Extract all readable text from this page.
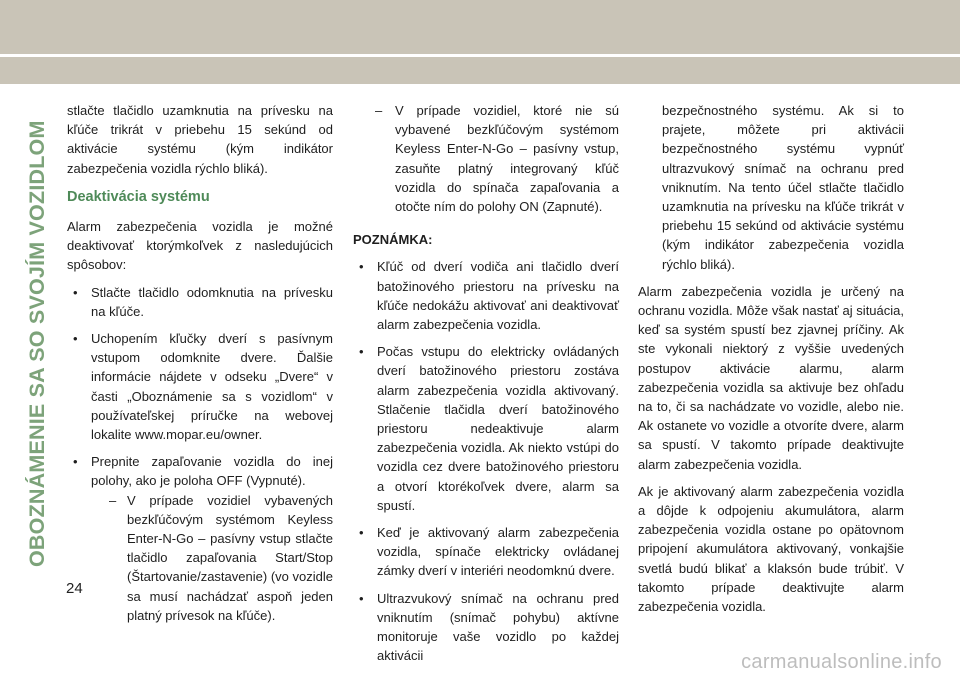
OBOZNÁMENIE SA SO SVOJÍM VOZIDLOM
24

stlačte tlačidlo uzamknutia na prívesku na kľúče trikrát v priebehu 15 sekúnd od aktivácie systému (kým indikátor zabezpečenia vozidla rýchlo bliká).

Deaktivácia systému

Alarm zabezpečenia vozidla je možné deaktivovať ktorýmkoľvek z nasledujúcich spôsobov:

• Stlačte tlačidlo odomknutia na prívesku na kľúče.
• Uchopením kľučky dverí s pasívnym vstupom odomknite dvere. Ďalšie informácie nájdete v odseku „Dvere“ v časti „Oboznámenie sa s vozidlom“ v používateľskej príručke na webovej lokalite www.mopar.eu/owner.
• Prepnite zapaľovanie vozidla do inej polohy, ako je poloha OFF (Vypnuté).
– V prípade vozidiel vybavených bezkľúčovým systémom Keyless Enter-N-Go – pasívny vstup stlačte tlačidlo zapaľovania Start/Stop (Štartovanie/zastavenie) (vo vozidle sa musí nachádzať aspoň jeden platný prívesok na kľúče).
– V prípade vozidiel, ktoré nie sú vybavené bezkľúčovým systémom Keyless Enter-N-Go – pasívny vstup, zasuňte platný integrovaný kľúč vozidla do spínača zapaľovania a otočte ním do polohy ON (Zapnuté).
POZNÁMKA:
• Kľúč od dverí vodiča ani tlačidlo dverí batožinového priestoru na prívesku na kľúče nedokážu aktivovať ani deaktivovať alarm zabezpečenia vozidla.
• Počas vstupu do elektricky ovládaných dverí batožinového priestoru zostáva alarm zabezpečenia vozidla aktivovaný. Stlačenie tlačidla dverí batožinového priestoru nedeaktivuje alarm zabezpečenia vozidla. Ak niekto vstúpi do vozidla cez dvere batožinového priestoru a otvorí ktorékoľvek dvere, alarm sa spustí.
• Keď je aktivovaný alarm zabezpečenia vozidla, spínače elektricky ovládanej zámky dverí v interiéri neodomknú dvere.
• Ultrazvukový snímač na ochranu pred vniknutím (snímač pohybu) aktívne monitoruje vaše vozidlo po každej aktivácii
bezpečnostného systému. Ak si to prajete, môžete pri aktivácii bezpečnostného systému vypnúť ultrazvukový snímač na ochranu pred vniknutím. Na tento účel stlačte tlačidlo uzamknutia na prívesku na kľúče trikrát v priebehu 15 sekúnd od aktivácie systému (kým indikátor zabezpečenia vozidla rýchlo bliká).

Alarm zabezpečenia vozidla je určený na ochranu vozidla. Môže však nastať aj situácia, keď sa systém spustí bez zjavnej príčiny. Ak ste vykonali niektorý z vyššie uvedených postupov aktivácie alarmu, alarm zabezpečenia vozidla sa aktivuje bez ohľadu na to, či sa nachádzate vo vozidle, alebo nie. Ak ostanete vo vozidle a otvoríte dvere, alarm sa spustí. V takomto prípade deaktivujte alarm zabezpečenia vozidla.

Ak je aktivovaný alarm zabezpečenia vozidla a dôjde k odpojeniu akumulátora, alarm zabezpečenia vozidla ostane po opätovnom pripojení akumulátora aktivovaný, vonkajšie svetlá budú blikať a klaksón bude trúbiť. V takomto prípade deaktivujte alarm zabezpečenia vozidla.

carmanualsonline.info
